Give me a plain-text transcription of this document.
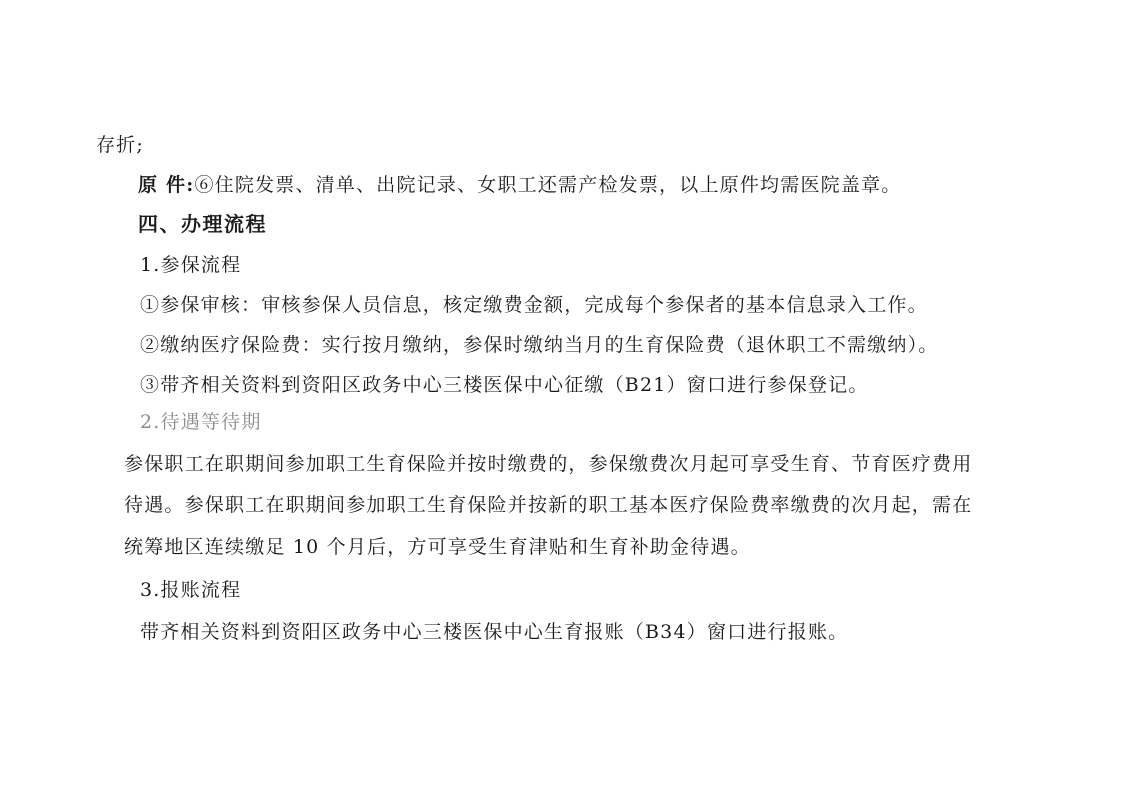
存折;
原 件:⑥住院发票、清单、出院记录、女职工还需产检发票，以上原件均需医院盖章。
四、办理流程
1.参保流程
①参保审核：审核参保人员信息，核定缴费金额，完成每个参保者的基本信息录入工作。
②缴纳医疗保险费：实行按月缴纳，参保时缴纳当月的生育保险费（退休职工不需缴纳）。
③带齐相关资料到资阳区政务中心三楼医保中心征缴（B21）窗口进行参保登记。
2.待遇等待期
参保职工在职期间参加职工生育保险并按时缴费的，参保缴费次月起可享受生育、节育医疗费用
待遇。参保职工在职期间参加职工生育保险并按新的职工基本医疗保险费率缴费的次月起，需在
统筹地区连续缴足 10 个月后，方可享受生育津贴和生育补助金待遇。
3.报账流程
带齐相关资料到资阳区政务中心三楼医保中心生育报账（B34）窗口进行报账。
